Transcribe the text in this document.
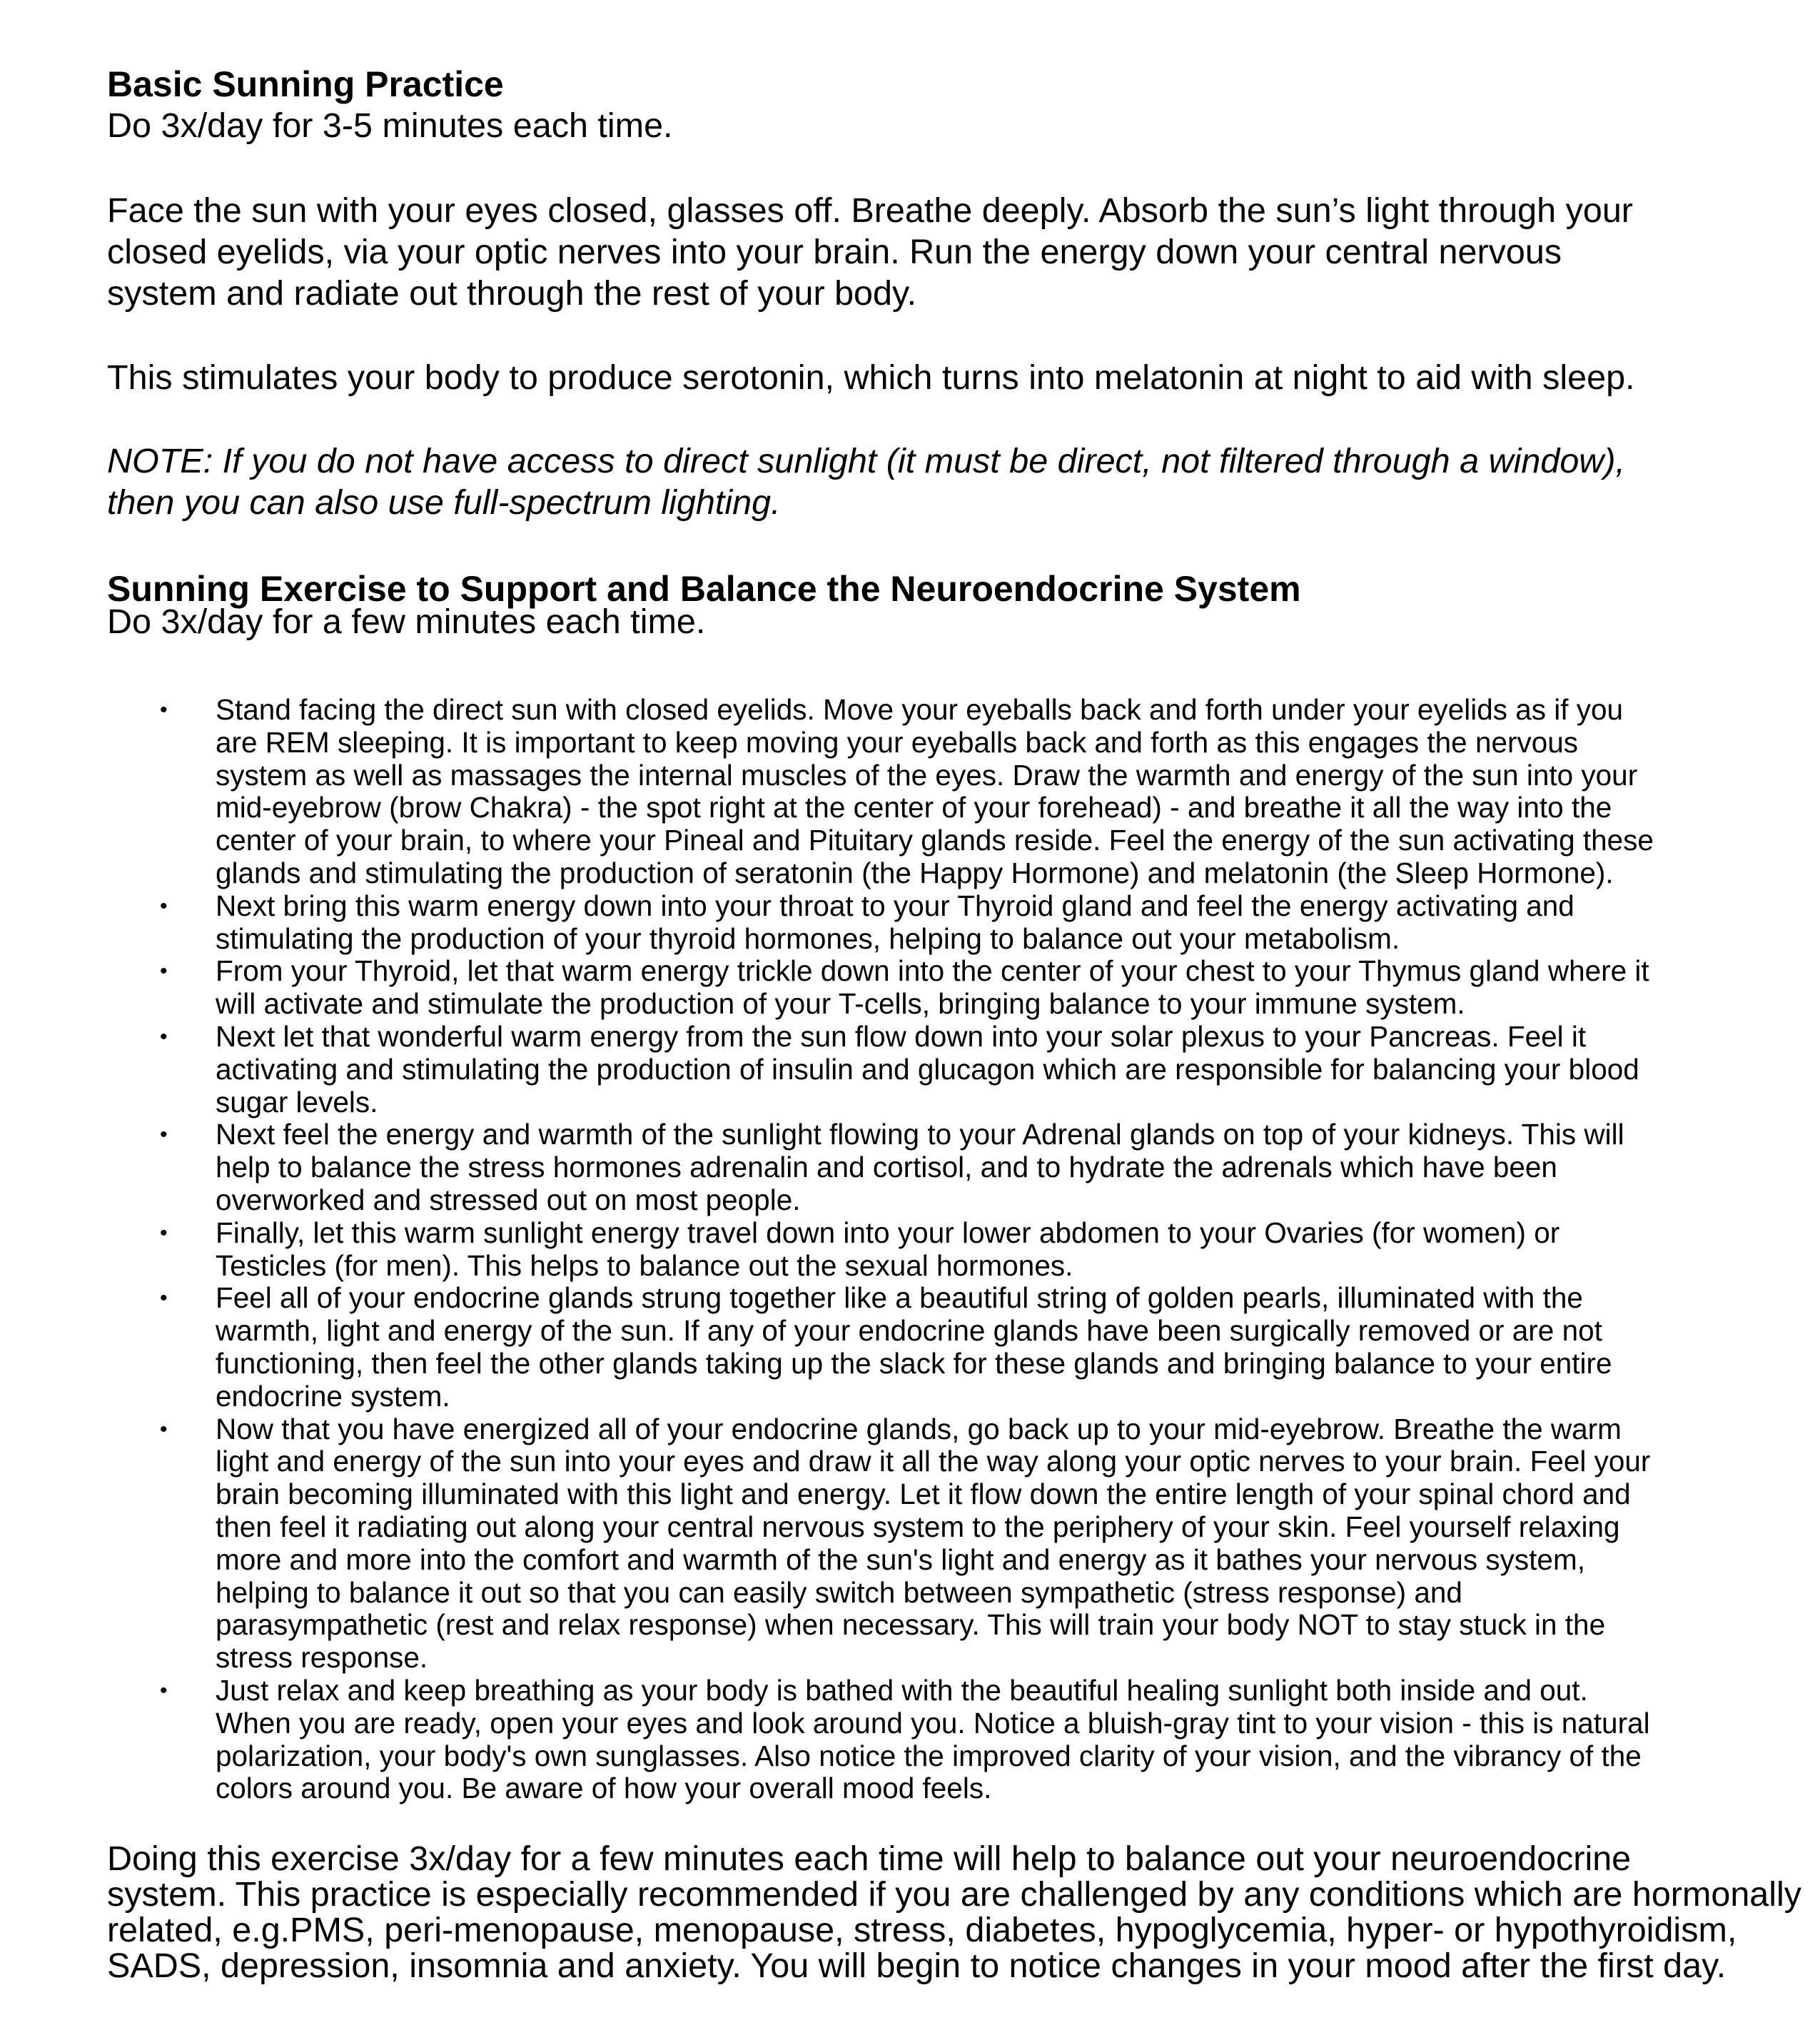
Basic Sunning Practice
Do 3x/day for 3-5 minutes each time.
Face the sun with your eyes closed, glasses off. Breathe deeply. Absorb the sun’s light through your
closed eyelids, via your optic nerves into your brain. Run the energy down your central nervous
system and radiate out through the rest of your body.
This stimulates your body to produce serotonin, which turns into melatonin at night to aid with sleep.
NOTE: If you do not have access to direct sunlight (it must be direct, not filtered through a window),
then you can also use full-spectrum lighting.
Sunning Exercise to Support and Balance the Neuroendocrine System
Do 3x/day for a few minutes each time.
• Stand facing the direct sun with closed eyelids. Move your eyeballs back and forth under your eyelids as if you
are REM sleeping. It is important to keep moving your eyeballs back and forth as this engages the nervous
system as well as massages the internal muscles of the eyes. Draw the warmth and energy of the sun into your
mid-eyebrow (brow Chakra) - the spot right at the center of your forehead) - and breathe it all the way into the
center of your brain, to where your Pineal and Pituitary glands reside. Feel the energy of the sun activating these
glands and stimulating the production of seratonin (the Happy Hormone) and melatonin (the Sleep Hormone).
• Next bring this warm energy down into your throat to your Thyroid gland and feel the energy activating and
stimulating the production of your thyroid hormones, helping to balance out your metabolism.
• From your Thyroid, let that warm energy trickle down into the center of your chest to your Thymus gland where it
will activate and stimulate the production of your T-cells, bringing balance to your immune system.
• Next let that wonderful warm energy from the sun flow down into your solar plexus to your Pancreas. Feel it
activating and stimulating the production of insulin and glucagon which are responsible for balancing your blood
sugar levels.
• Next feel the energy and warmth of the sunlight flowing to your Adrenal glands on top of your kidneys. This will
help to balance the stress hormones adrenalin and cortisol, and to hydrate the adrenals which have been
overworked and stressed out on most people.
• Finally, let this warm sunlight energy travel down into your lower abdomen to your Ovaries (for women) or
Testicles (for men). This helps to balance out the sexual hormones.
• Feel all of your endocrine glands strung together like a beautiful string of golden pearls, illuminated with the
warmth, light and energy of the sun. If any of your endocrine glands have been surgically removed or are not
functioning, then feel the other glands taking up the slack for these glands and bringing balance to your entire
endocrine system.
• Now that you have energized all of your endocrine glands, go back up to your mid-eyebrow. Breathe the warm
light and energy of the sun into your eyes and draw it all the way along your optic nerves to your brain. Feel your
brain becoming illuminated with this light and energy. Let it flow down the entire length of your spinal chord and
then feel it radiating out along your central nervous system to the periphery of your skin. Feel yourself relaxing
more and more into the comfort and warmth of the sun's light and energy as it bathes your nervous system,
helping to balance it out so that you can easily switch between sympathetic (stress response) and
parasympathetic (rest and relax response) when necessary. This will train your body NOT to stay stuck in the
stress response.
• Just relax and keep breathing as your body is bathed with the beautiful healing sunlight both inside and out.
When you are ready, open your eyes and look around you. Notice a bluish-gray tint to your vision - this is natural
polarization, your body's own sunglasses. Also notice the improved clarity of your vision, and the vibrancy of the
colors around you. Be aware of how your overall mood feels.
Doing this exercise 3x/day for a few minutes each time will help to balance out your neuroendocrine
system. This practice is especially recommended if you are challenged by any conditions which are hormonally
related, e.g.PMS, peri-menopause, menopause, stress, diabetes, hypoglycemia, hyper- or hypothyroidism,
SADS, depression, insomnia and anxiety. You will begin to notice changes in your mood after the first day.
